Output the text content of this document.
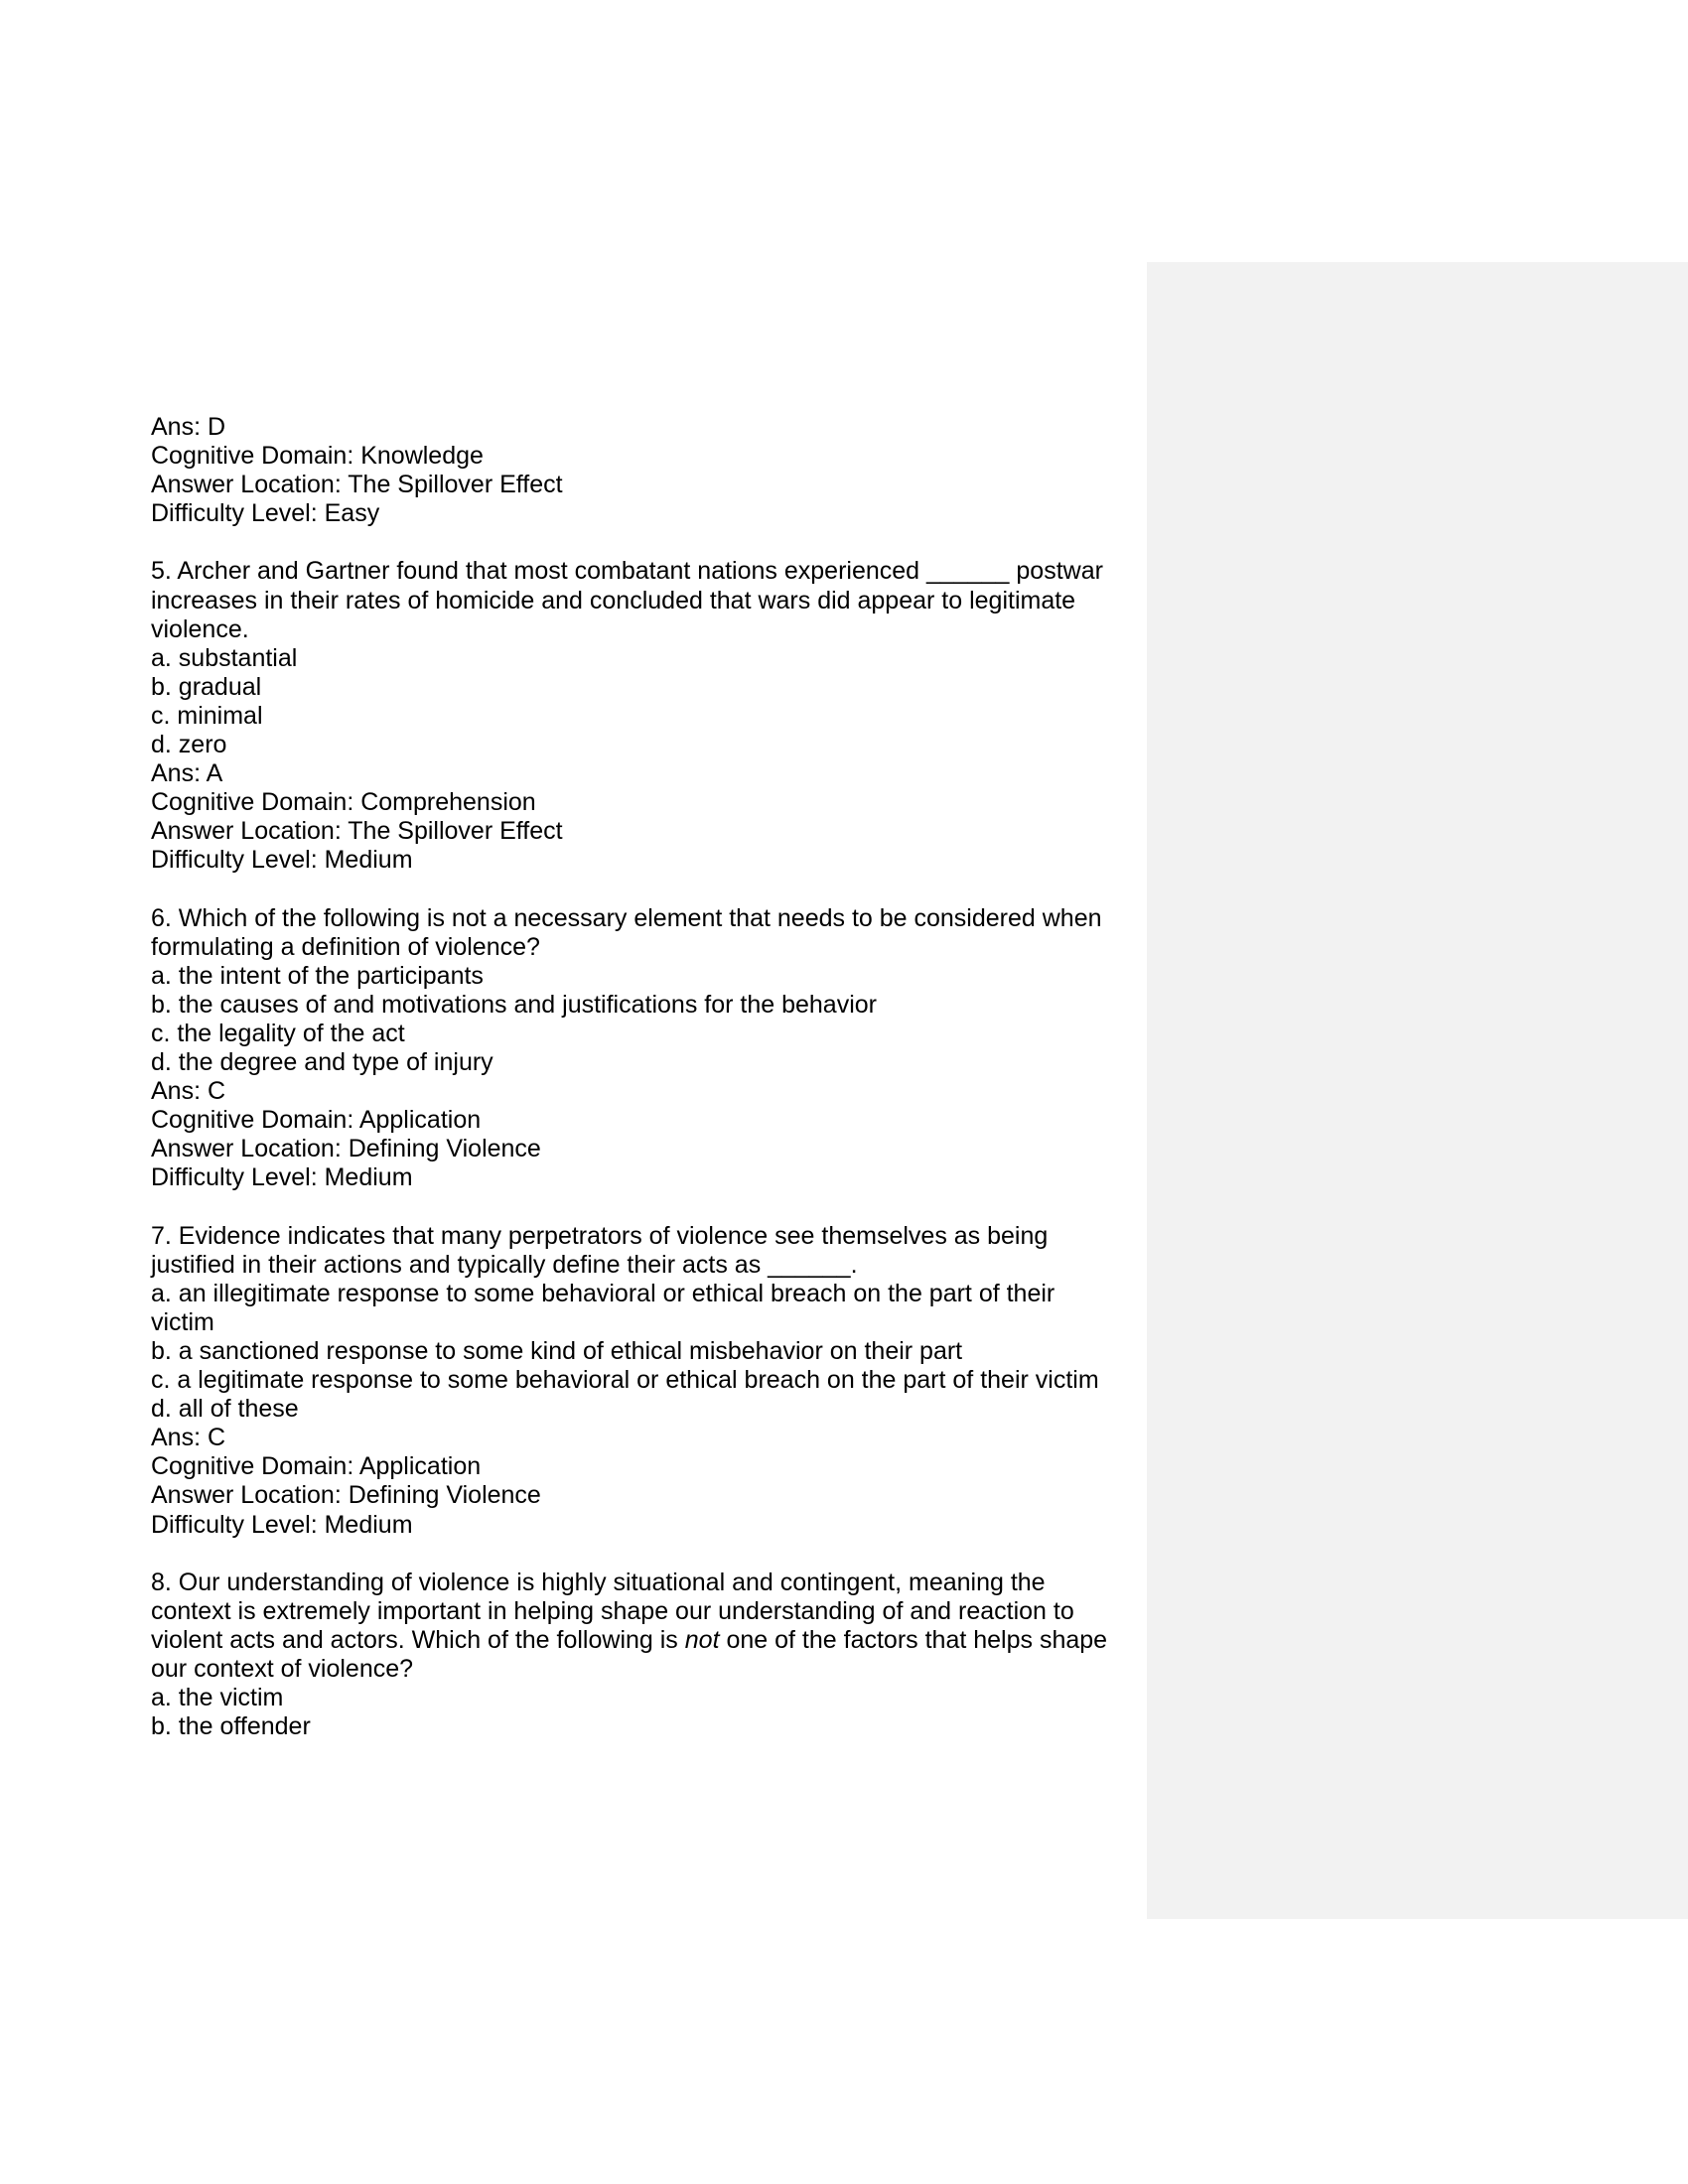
Ans: D

Cognitive Domain: Knowledge

Answer Location: The Spillover Effect

Difficulty Level: Easy

5. Archer and Gartner found that most combatant nations experienced ______ postwar

increases in their rates of homicide and concluded that wars did appear to legitimate

violence.

a. substantial

b. gradual

c. minimal

d. zero

Ans: A

Cognitive Domain: Comprehension

Answer Location: The Spillover Effect

Difficulty Level: Medium

6. Which of the following is not a necessary element that needs to be considered when

formulating a definition of violence?

a. the intent of the participants

b. the causes of and motivations and justifications for the behavior

c. the legality of the act

d. the degree and type of injury

Ans: C

Cognitive Domain: Application

Answer Location: Defining Violence

Difficulty Level: Medium

7. Evidence indicates that many perpetrators of violence see themselves as being

justified in their actions and typically define their acts as ______.

a. an illegitimate response to some behavioral or ethical breach on the part of their

victim

b. a sanctioned response to some kind of ethical misbehavior on their part

c. a legitimate response to some behavioral or ethical breach on the part of their victim

d. all of these

Ans: C

Cognitive Domain: Application

Answer Location: Defining Violence

Difficulty Level: Medium

8. Our understanding of violence is highly situational and contingent, meaning the

context is extremely important in helping shape our understanding of and reaction to

violent acts and actors. Which of the following is not one of the factors that helps shape

our context of violence?

a. the victim

b. the offender
